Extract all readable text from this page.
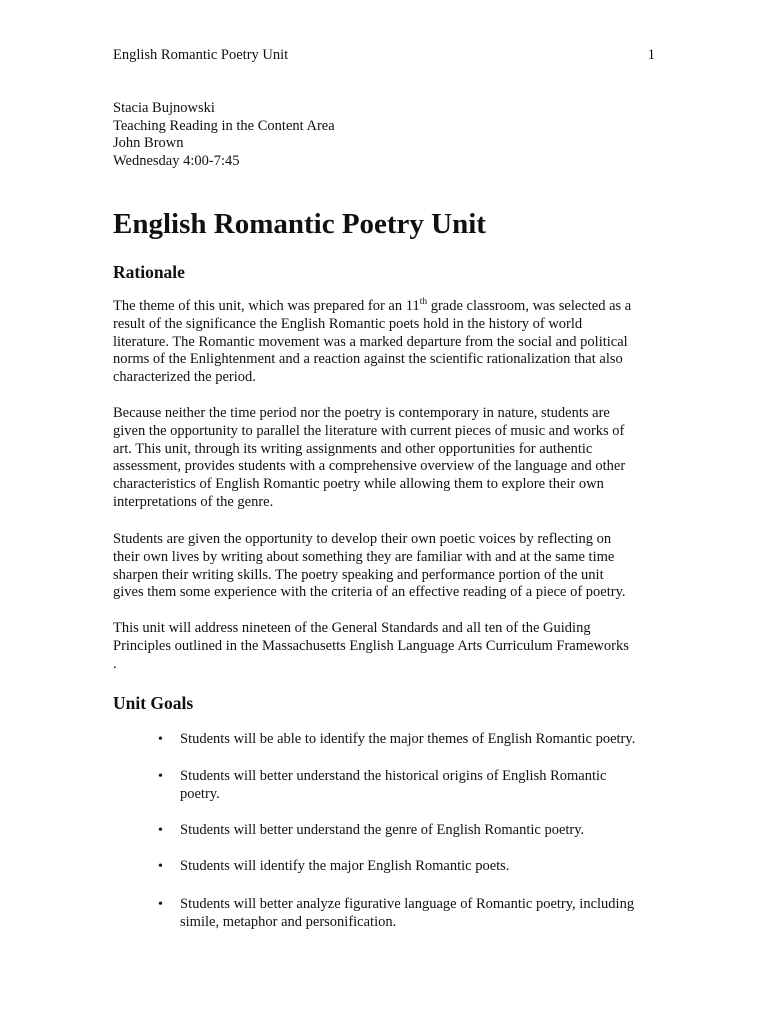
English Romantic Poetry Unit	1
Stacia Bujnowski
Teaching Reading in the Content Area
John Brown
Wednesday 4:00-7:45
English Romantic Poetry Unit
Rationale

The theme of this unit, which was prepared for an 11th grade classroom, was selected as a
result of the significance the English Romantic poets hold in the history of world
literature. The Romantic movement was a marked departure from the social and political
norms of the Enlightenment and a reaction against the scientific rationalization that also
characterized the period.

Because neither the time period nor the poetry is contemporary in nature, students are
given the opportunity to parallel the literature with current pieces of music and works of
art. This unit, through its writing assignments and other opportunities for authentic
assessment, provides students with a comprehensive overview of the language and other
characteristics of English Romantic poetry while allowing them to explore their own
interpretations of the genre.

Students are given the opportunity to develop their own poetic voices by reflecting on
their own lives by writing about something they are familiar with and at the same time
sharpen their writing skills. The poetry speaking and performance portion of the unit
gives them some experience with the criteria of an effective reading of a piece of poetry.

This unit will address nineteen of the General Standards and all ten of the Guiding
Principles outlined in the Massachusetts English Language Arts Curriculum Frameworks
.

Unit Goals
• Students will be able to identify the major themes of English Romantic poetry.
• Students will better understand the historical origins of English Romantic
poetry.
• Students will better understand the genre of English Romantic poetry.
• Students will identify the major English Romantic poets.
• Students will better analyze figurative language of Romantic poetry, including
simile, metaphor and personification.
